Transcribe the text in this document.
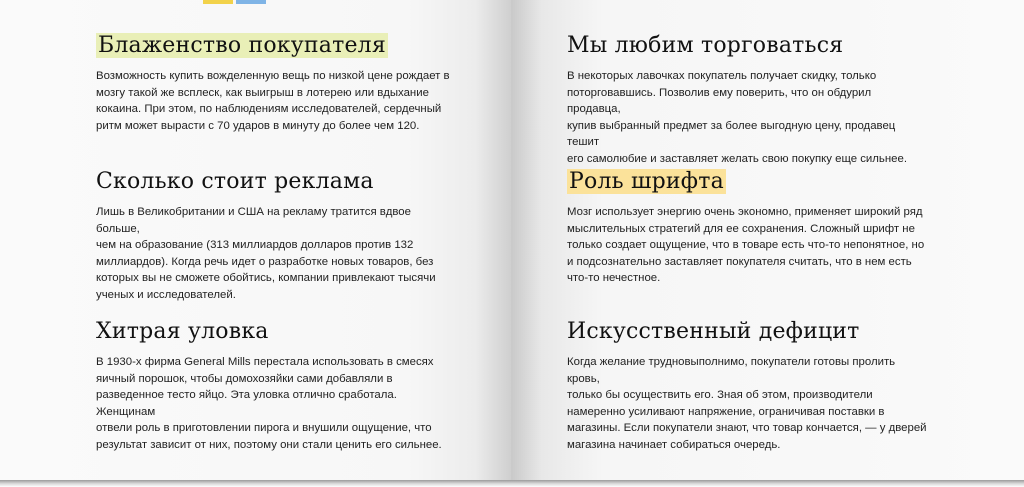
Блаженство покупателя

Возможность купить вожделенную вещь по низкой цене рождает в
мозгу такой же всплеск, как выигрыш в лотерею или вдыхание
кокаина. При этом, по наблюдениям исследователей, сердечный
ритм может вырасти с 70 ударов в минуту до более чем 120.

Сколько стоит реклама

Лишь в Великобритании и США на рекламу тратится вдвое больше,
чем на образование (313 миллиардов долларов против 132
миллиардов). Когда речь идет о разработке новых товаров, без
которых вы не сможете обойтись, компании привлекают тысячи
ученых и исследователей.

Хитрая уловка

В 1930-х фирма General Mills перестала использовать в смесях
яичный порошок, чтобы домохозяйки сами добавляли в
разведенное тесто яйцо. Эта уловка отлично сработала. Женщинам
отвели роль в приготовлении пирога и внушили ощущение, что
результат зависит от них, поэтому они стали ценить его сильнее.

Мы любим торговаться

В некоторых лавочках покупатель получает скидку, только
поторговавшись. Позволив ему поверить, что он обдурил продавца,
купив выбранный предмет за более выгодную цену, продавец тешит
его самолюбие и заставляет желать свою покупку еще сильнее.

Роль шрифта

Мозг использует энергию очень экономно, применяет широкий ряд
мыслительных стратегий для ее сохранения. Сложный шрифт не
только создает ощущение, что в товаре есть что-то непонятное, но
и подсознательно заставляет покупателя считать, что в нем есть
что-то нечестное.

Искусственный дефицит

Когда желание трудновыполнимо, покупатели готовы пролить кровь,
только бы осуществить его. Зная об этом, производители
намеренно усиливают напряжение, ограничивая поставки в
магазины. Если покупатели знают, что товар кончается, — у дверей
магазина начинает собираться очередь.
